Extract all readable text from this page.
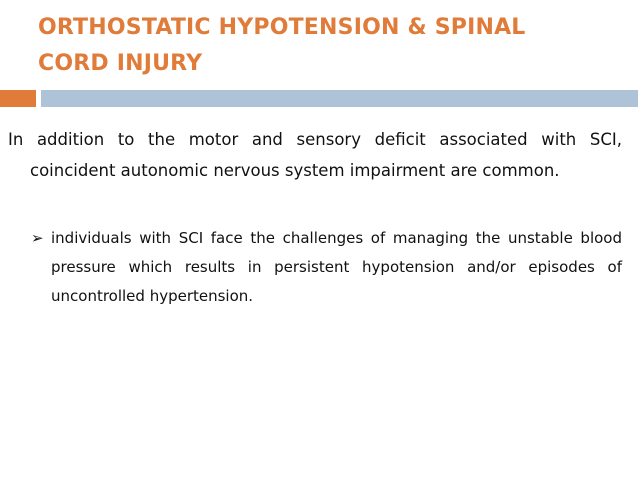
ORTHOSTATIC HYPOTENSION & SPINAL
CORD INJURY
In addition to the motor and sensory deficit associated with SCI, coincident autonomic nervous system impairment are common.
➢ individuals with SCI face the challenges of managing the unstable blood pressure which results in persistent hypotension and/or episodes of uncontrolled hypertension.
